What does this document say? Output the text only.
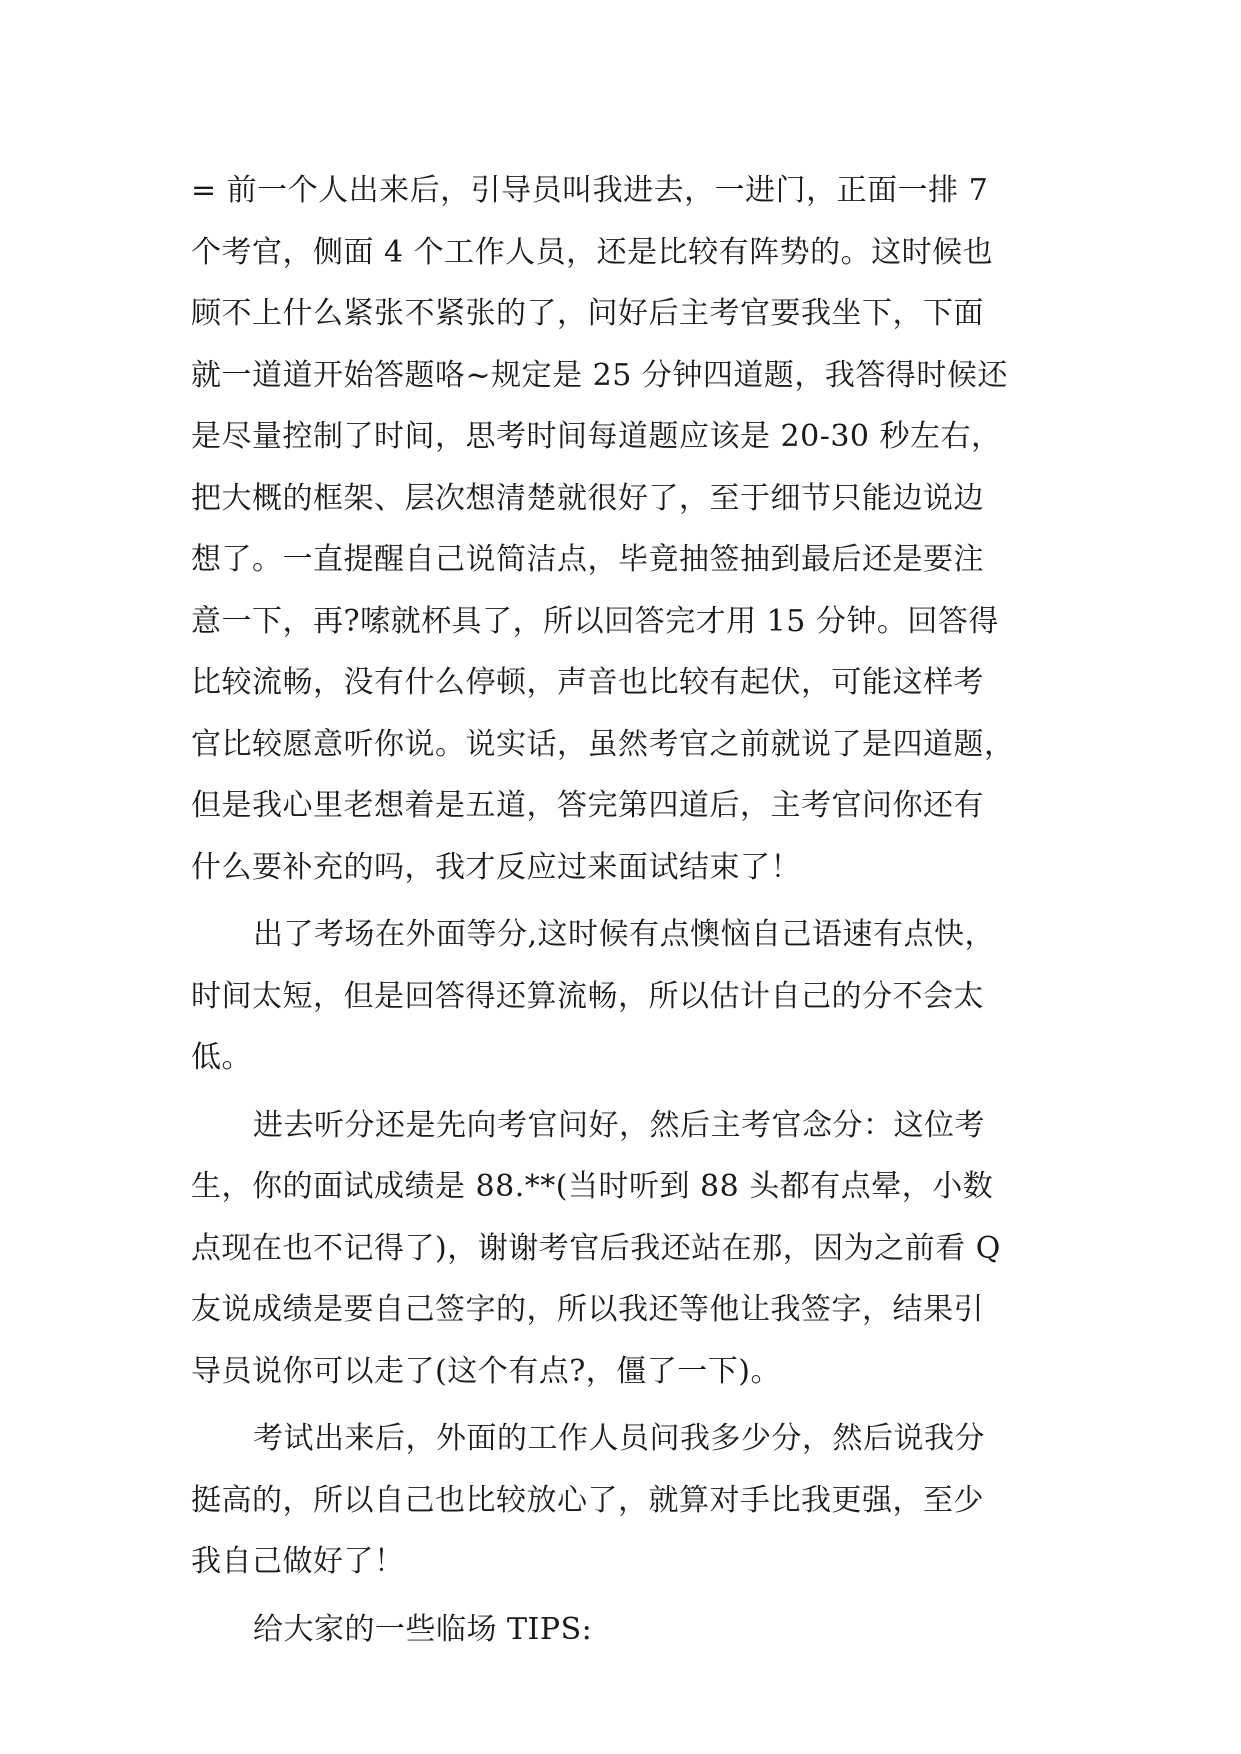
= 前一个人出来后，引导员叫我进去，一进门，正面一排 7
个考官，侧面 4 个工作人员，还是比较有阵势的。这时候也
顾不上什么紧张不紧张的了，问好后主考官要我坐下，下面
就一道道开始答题咯~规定是 25 分钟四道题，我答得时候还
是尽量控制了时间，思考时间每道题应该是 20-30 秒左右，
把大概的框架、层次想清楚就很好了，至于细节只能边说边
想了。一直提醒自己说简洁点，毕竟抽签抽到最后还是要注
意一下，再?嗦就杯具了，所以回答完才用 15 分钟。回答得
比较流畅，没有什么停顿，声音也比较有起伏，可能这样考
官比较愿意听你说。说实话，虽然考官之前就说了是四道题，
但是我心里老想着是五道，答完第四道后，主考官问你还有
什么要补充的吗，我才反应过来面试结束了！
出了考场在外面等分,这时候有点懊恼自己语速有点快，
时间太短，但是回答得还算流畅，所以估计自己的分不会太
低。
进去听分还是先向考官问好，然后主考官念分：这位考
生，你的面试成绩是 88.**(当时听到 88 头都有点晕，小数
点现在也不记得了)，谢谢考官后我还站在那，因为之前看 Q
友说成绩是要自己签字的，所以我还等他让我签字，结果引
导员说你可以走了(这个有点?，僵了一下)。
考试出来后，外面的工作人员问我多少分，然后说我分
挺高的，所以自己也比较放心了，就算对手比我更强，至少
我自己做好了！
给大家的一些临场 TIPS:
